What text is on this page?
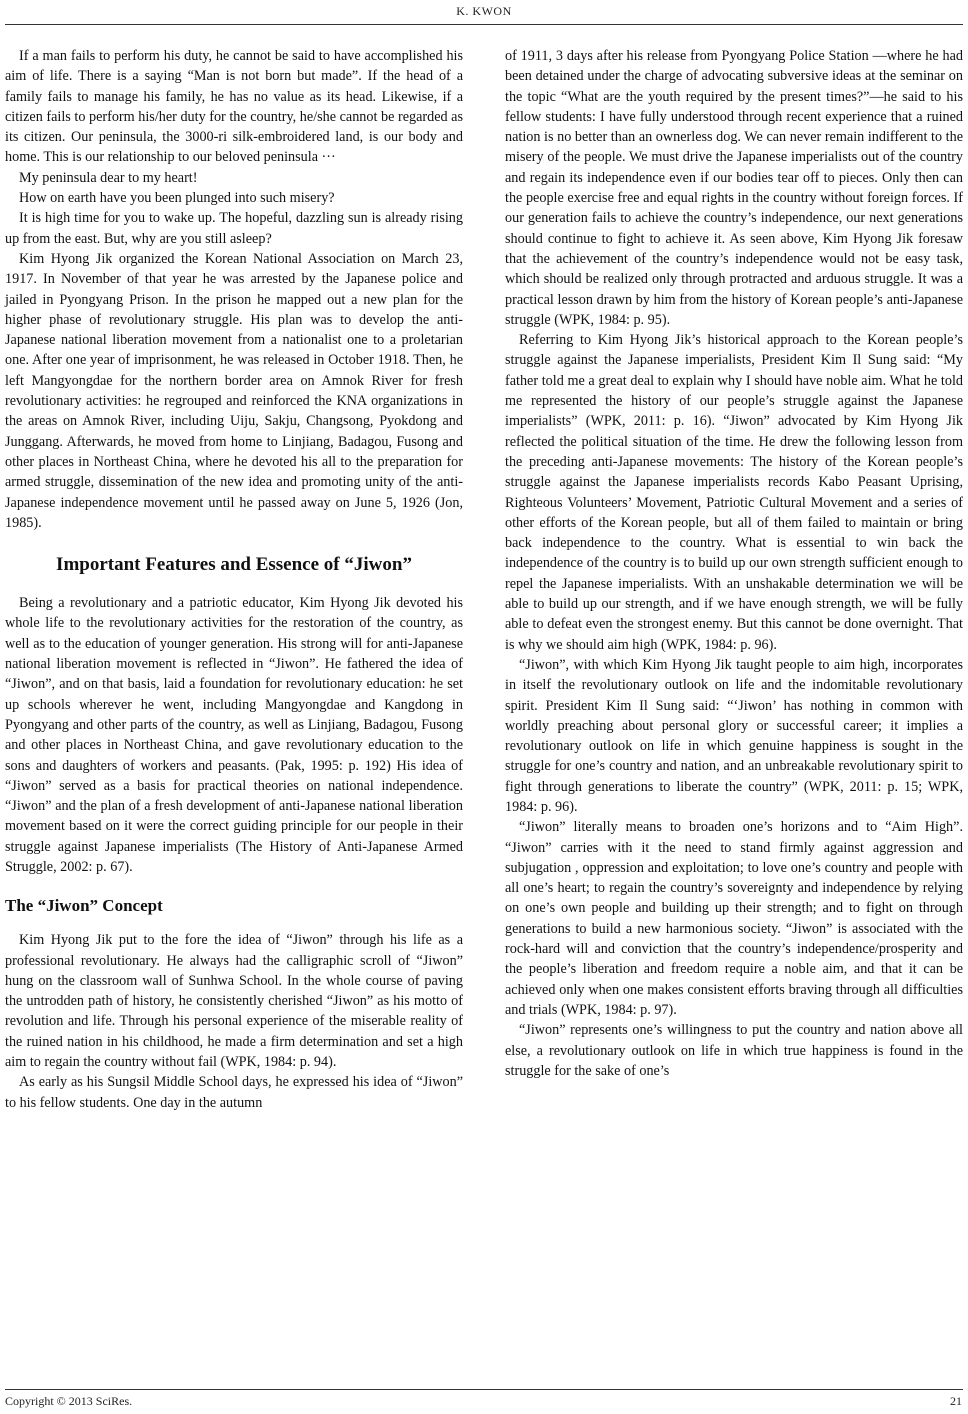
K. KWON

If a man fails to perform his duty, he cannot be said to have accomplished his aim of life. There is a saying “Man is not born but made”. If the head of a family fails to manage his family, he has no value as its head. Likewise, if a citizen fails to perform his/her duty for the country, he/she cannot be regarded as its citizen. Our peninsula, the 3000-ri silk-embroidered land, is our body and home. This is our relationship to our beloved peninsula ···

My peninsula dear to my heart!

How on earth have you been plunged into such misery?

It is high time for you to wake up. The hopeful, dazzling sun is already rising up from the east. But, why are you still asleep?

Kim Hyong Jik organized the Korean National Association on March 23, 1917. In November of that year he was arrested by the Japanese police and jailed in Pyongyang Prison. In the prison he mapped out a new plan for the higher phase of revolutionary struggle. His plan was to develop the anti-Japanese national liberation movement from a nationalist one to a proletarian one. After one year of imprisonment, he was released in October 1918. Then, he left Mangyongdae for the northern border area on Amnok River for fresh revolutionary activities: he regrouped and reinforced the KNA organizations in the areas on Amnok River, including Uiju, Sakju, Changsong, Pyokdong and Junggang. Afterwards, he moved from home to Linjiang, Badagou, Fusong and other places in Northeast China, where he devoted his all to the preparation for armed struggle, dissemination of the new idea and promoting unity of the anti-Japanese independence movement until he passed away on June 5, 1926 (Jon, 1985).

Important Features and Essence of “Jiwon”

Being a revolutionary and a patriotic educator, Kim Hyong Jik devoted his whole life to the revolutionary activities for the restoration of the country, as well as to the education of younger generation. His strong will for anti-Japanese national liberation movement is reflected in “Jiwon”. He fathered the idea of “Jiwon”, and on that basis, laid a foundation for revolutionary education: he set up schools wherever he went, including Mangyongdae and Kangdong in Pyongyang and other parts of the country, as well as Linjiang, Badagou, Fusong and other places in Northeast China, and gave revolutionary education to the sons and daughters of workers and peasants. (Pak, 1995: p. 192) His idea of “Jiwon” served as a basis for practical theories on national independence. “Jiwon” and the plan of a fresh development of anti-Japanese national liberation movement based on it were the correct guiding principle for our people in their struggle against Japanese imperialists (The History of Anti-Japanese Armed Struggle, 2002: p. 67).

The “Jiwon” Concept

Kim Hyong Jik put to the fore the idea of “Jiwon” through his life as a professional revolutionary. He always had the calligraphic scroll of “Jiwon” hung on the classroom wall of Sunhwa School. In the whole course of paving the untrodden path of history, he consistently cherished “Jiwon” as his motto of revolution and life. Through his personal experience of the miserable reality of the ruined nation in his childhood, he made a firm determination and set a high aim to regain the country without fail (WPK, 1984: p. 94).

As early as his Sungsil Middle School days, he expressed his idea of “Jiwon” to his fellow students. One day in the autumn

of 1911, 3 days after his release from Pyongyang Police Station —where he had been detained under the charge of advocating subversive ideas at the seminar on the topic “What are the youth required by the present times?”—he said to his fellow students: I have fully understood through recent experience that a ruined nation is no better than an ownerless dog. We can never remain indifferent to the misery of the people. We must drive the Japanese imperialists out of the country and regain its independence even if our bodies tear off to pieces. Only then can the people exercise free and equal rights in the country without foreign forces. If our generation fails to achieve the country’s independence, our next generations should continue to fight to achieve it. As seen above, Kim Hyong Jik foresaw that the achievement of the country’s independence would not be easy task, which should be realized only through protracted and arduous struggle. It was a practical lesson drawn by him from the history of Korean people’s anti-Japanese struggle (WPK, 1984: p. 95).

Referring to Kim Hyong Jik’s historical approach to the Korean people’s struggle against the Japanese imperialists, President Kim Il Sung said: “My father told me a great deal to explain why I should have noble aim. What he told me represented the history of our people’s struggle against the Japanese imperialists” (WPK, 2011: p. 16). “Jiwon” advocated by Kim Hyong Jik reflected the political situation of the time. He drew the following lesson from the preceding anti-Japanese movements: The history of the Korean people’s struggle against the Japanese imperialists records Kabo Peasant Uprising, Righteous Volunteers’ Movement, Patriotic Cultural Movement and a series of other efforts of the Korean people, but all of them failed to maintain or bring back independence to the country. What is essential to win back the independence of the country is to build up our own strength sufficient enough to repel the Japanese imperialists. With an unshakable determination we will be able to build up our strength, and if we have enough strength, we will be fully able to defeat even the strongest enemy. But this cannot be done overnight. That is why we should aim high (WPK, 1984: p. 96).

“Jiwon”, with which Kim Hyong Jik taught people to aim high, incorporates in itself the revolutionary outlook on life and the indomitable revolutionary spirit. President Kim Il Sung said: “‘Jiwon’ has nothing in common with worldly preaching about personal glory or successful career; it implies a revolutionary outlook on life in which genuine happiness is sought in the struggle for one’s country and nation, and an unbreakable revolutionary spirit to fight through generations to liberate the country” (WPK, 2011: p. 15; WPK, 1984: p. 96).

“Jiwon” literally means to broaden one’s horizons and to “Aim High”. “Jiwon” carries with it the need to stand firmly against aggression and subjugation , oppression and exploitation; to love one’s country and people with all one’s heart; to regain the country’s sovereignty and independence by relying on one’s own people and building up their strength; and to fight on through generations to build a new harmonious society. “Jiwon” is associated with the rock-hard will and conviction that the country’s independence/prosperity and the people’s liberation and freedom require a noble aim, and that it can be achieved only when one makes consistent efforts braving through all difficulties and trials (WPK, 1984: p. 97).

“Jiwon” represents one’s willingness to put the country and nation above all else, a revolutionary outlook on life in which true happiness is found in the struggle for the sake of one’s

Copyright © 2013 SciRes.	21
